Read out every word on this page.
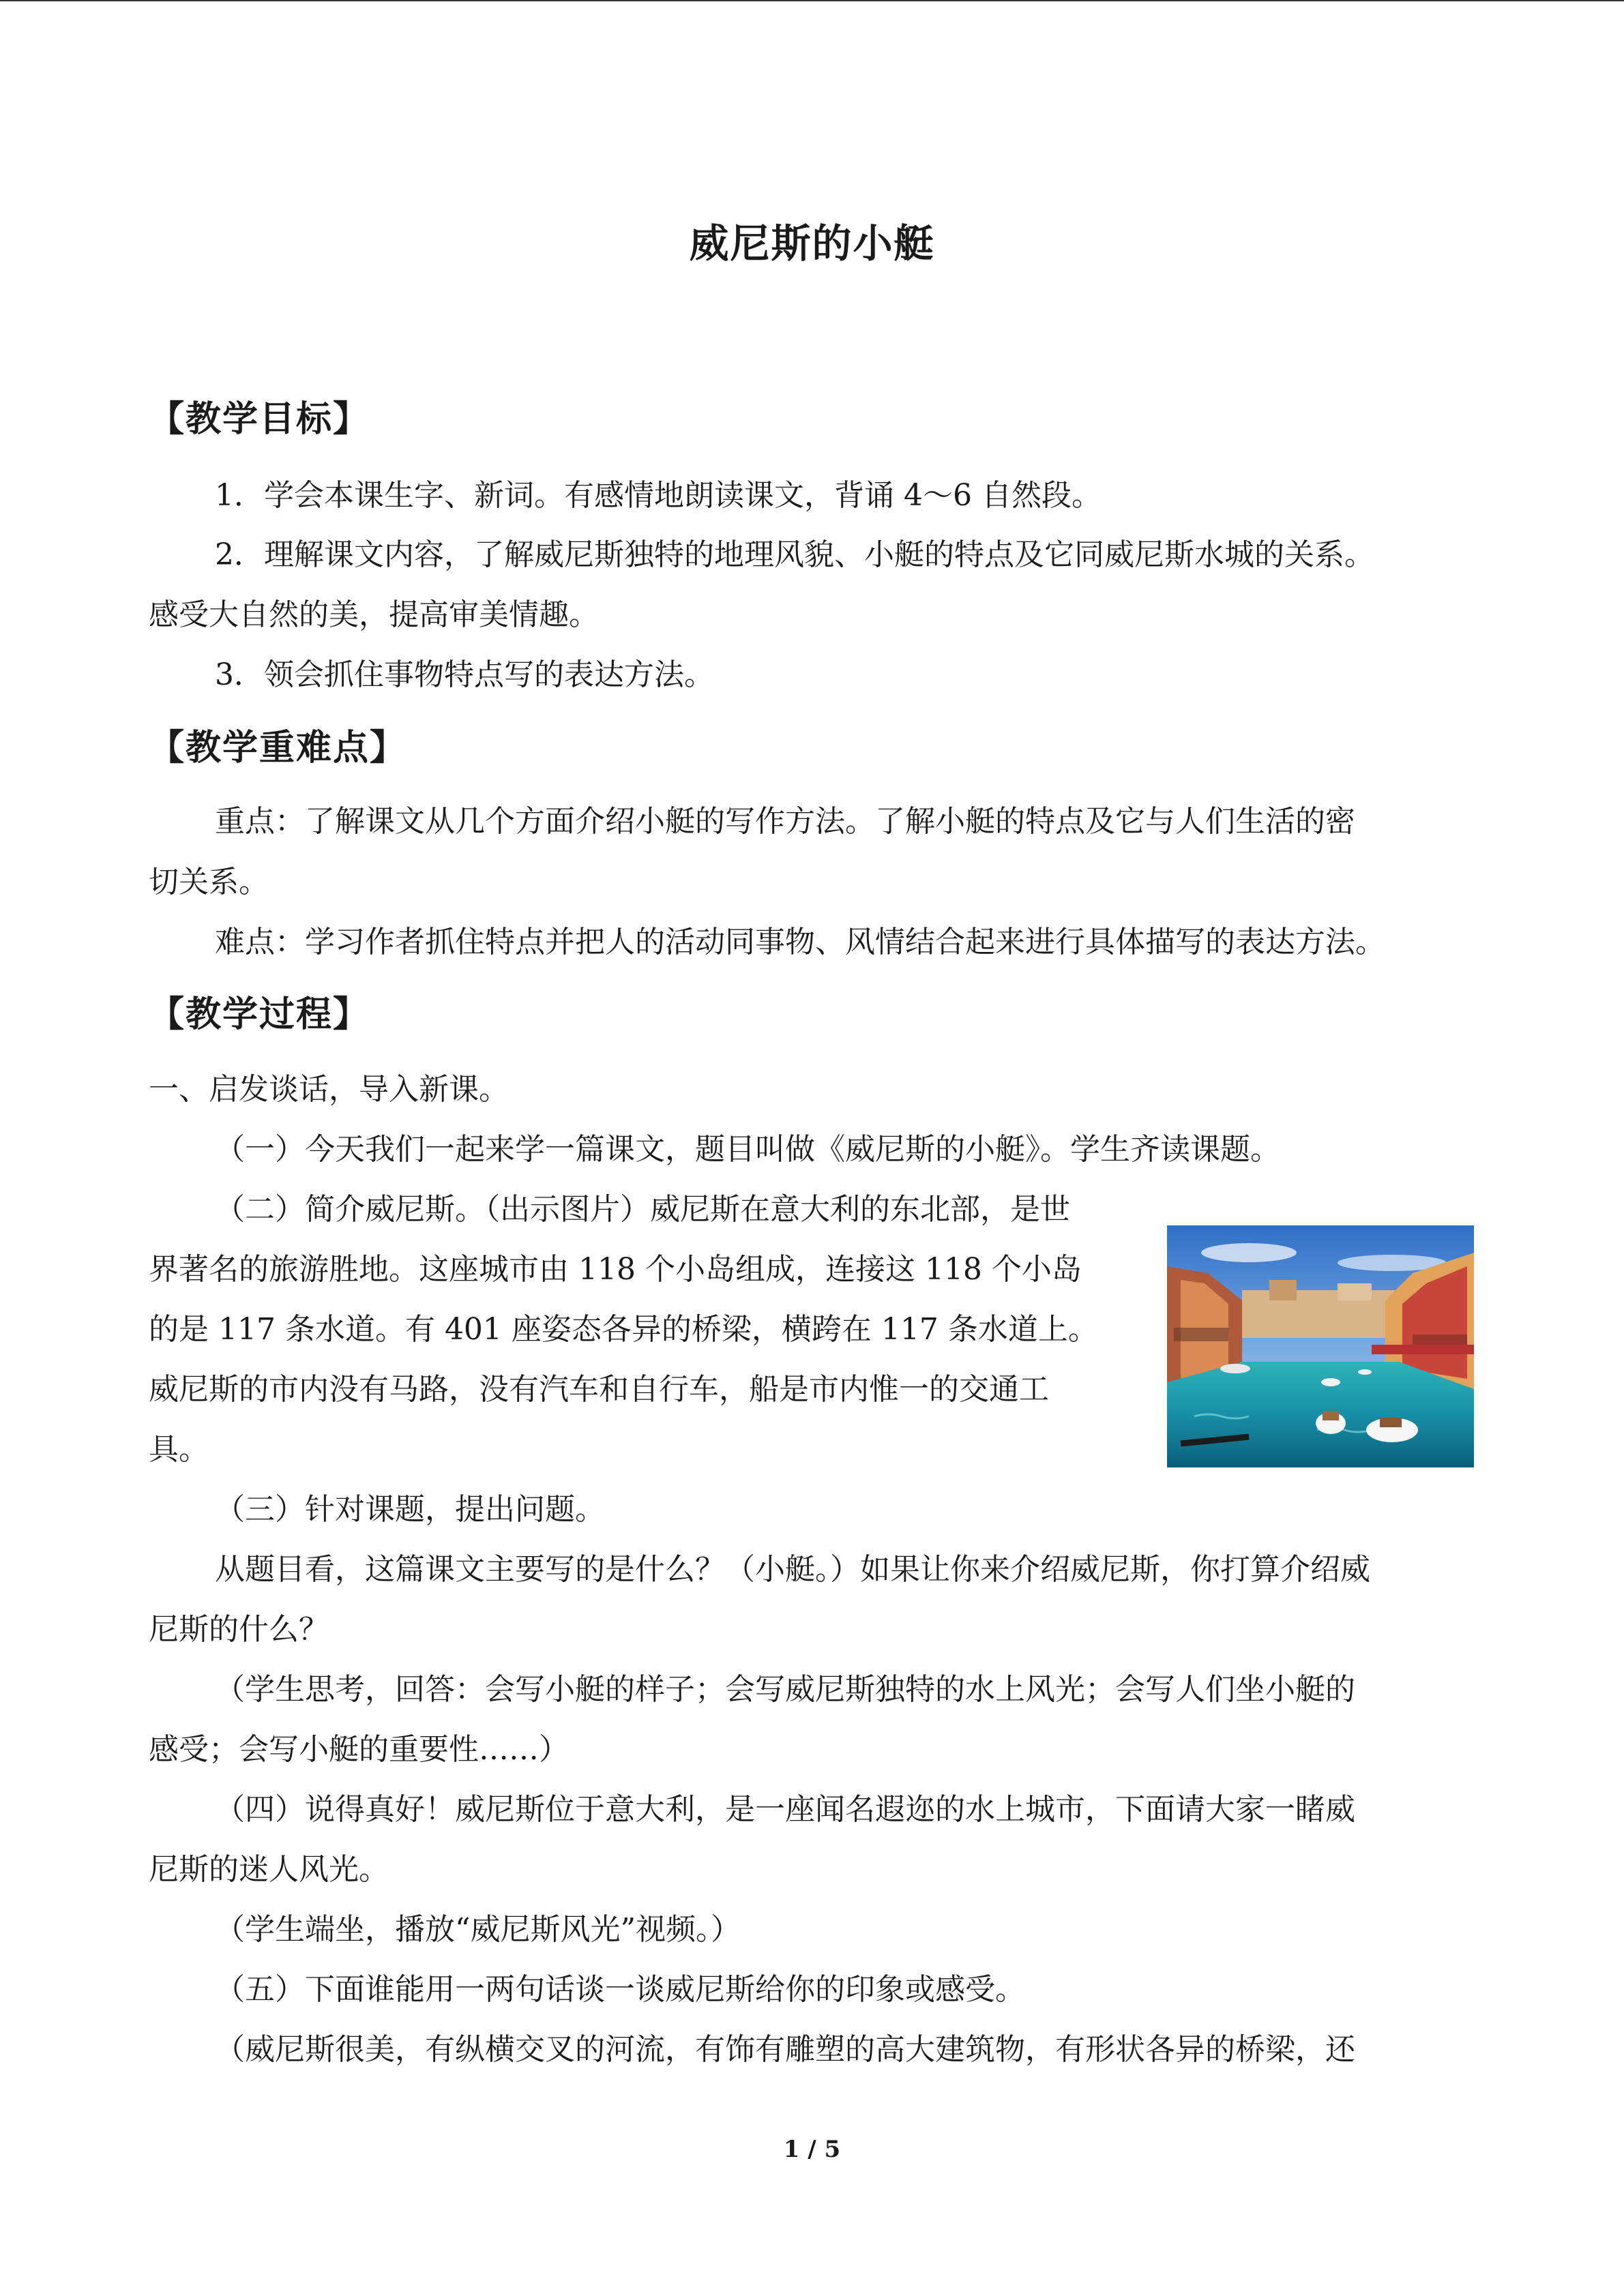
威尼斯的小艇
【教学目标】
1．学会本课生字、新词。有感情地朗读课文，背诵 4～6 自然段。
2．理解课文内容，了解威尼斯独特的地理风貌、小艇的特点及它同威尼斯水城的关系。
感受大自然的美，提高审美情趣。
3．领会抓住事物特点写的表达方法。
【教学重难点】
重点：了解课文从几个方面介绍小艇的写作方法。了解小艇的特点及它与人们生活的密
切关系。
难点：学习作者抓住特点并把人的活动同事物、风情结合起来进行具体描写的表达方法。
【教学过程】
一、启发谈话，导入新课。
（一）今天我们一起来学一篇课文，题目叫做《威尼斯的小艇》。学生齐读课题。
（二）简介威尼斯。（出示图片）威尼斯在意大利的东北部，是世
界著名的旅游胜地。这座城市由 118 个小岛组成，连接这 118 个小岛
的是 117 条水道。有 401 座姿态各异的桥梁，横跨在 117 条水道上。
威尼斯的市内没有马路，没有汽车和自行车，船是市内惟一的交通工
具。
（三）针对课题，提出问题。
从题目看，这篇课文主要写的是什么？（小艇。）如果让你来介绍威尼斯，你打算介绍威
尼斯的什么？
（学生思考，回答：会写小艇的样子；会写威尼斯独特的水上风光；会写人们坐小艇的
感受；会写小艇的重要性……）
（四）说得真好！威尼斯位于意大利，是一座闻名遐迩的水上城市，下面请大家一睹威
尼斯的迷人风光。
（学生端坐，播放“威尼斯风光”视频。）
（五）下面谁能用一两句话谈一谈威尼斯给你的印象或感受。
（威尼斯很美，有纵横交叉的河流，有饰有雕塑的高大建筑物，有形状各异的桥梁，还
1 / 5
